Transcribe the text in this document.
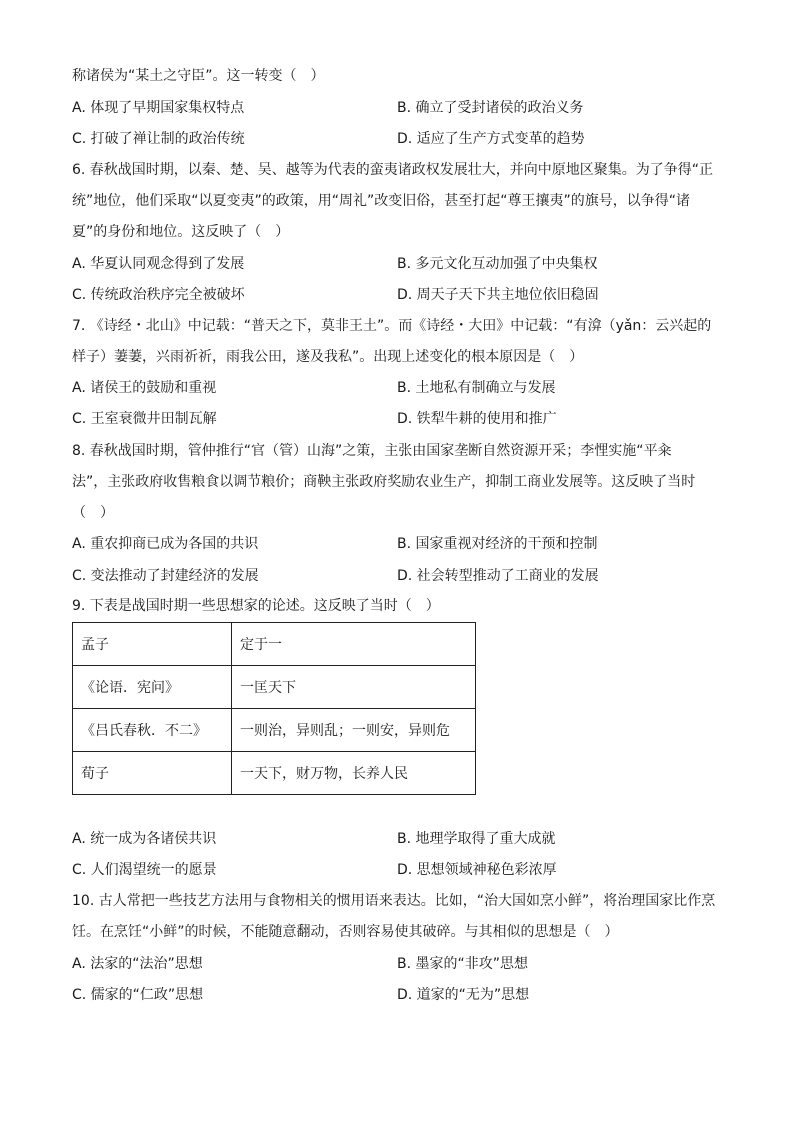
称诸侯为“某土之守臣”。这一转变（　）
A. 体现了早期国家集权特点	B. 确立了受封诸侯的政治义务
C. 打破了禅让制的政治传统	D. 适应了生产方式变革的趋势
6. 春秋战国时期，以秦、楚、吴、越等为代表的蛮夷诸政权发展壮大，并向中原地区聚集。为了争得“正
统”地位，他们采取“以夏变夷”的政策，用“周礼”改变旧俗，甚至打起“尊王攘夷”的旗号，以争得“诸
夏”的身份和地位。这反映了（　）
A. 华夏认同观念得到了发展	B. 多元文化互动加强了中央集权
C. 传统政治秩序完全被破坏	D. 周天子天下共主地位依旧稳固
7. 《诗经・北山》中记载：“普天之下，莫非王土”。而《诗经・大田》中记载：“有渰（yǎn：云兴起的
样子）萋萋，兴雨祈祈，雨我公田，遂及我私”。出现上述变化的根本原因是（　）
A. 诸侯王的鼓励和重视	B. 土地私有制确立与发展
C. 王室衰微井田制瓦解	D. 铁犁牛耕的使用和推广
8. 春秋战国时期，管仲推行“官（管）山海”之策，主张由国家垄断自然资源开采；李悝实施“平籴
法”，主张政府收售粮食以调节粮价；商鞅主张政府奖励农业生产，抑制工商业发展等。这反映了当时
（　）
A. 重农抑商已成为各国的共识	B. 国家重视对经济的干预和控制
C. 变法推动了封建经济的发展	D. 社会转型推动了工商业的发展
9. 下表是战国时期一些思想家的论述。这反映了当时（　）
孟子	定于一
《论语．宪问》	一匡天下
《吕氏春秋．不二》	一则治，异则乱；一则安，异则危
荀子	一天下，财万物，长养人民
A. 统一成为各诸侯共识	B. 地理学取得了重大成就
C. 人们渴望统一的愿景	D. 思想领域神秘色彩浓厚
10. 古人常把一些技艺方法用与食物相关的惯用语来表达。比如，“治大国如烹小鲜”，将治理国家比作烹
饪。在烹饪“小鲜”的时候，不能随意翻动，否则容易使其破碎。与其相似的思想是（　）
A. 法家的“法治”思想	B. 墨家的“非攻”思想
C. 儒家的“仁政”思想	D. 道家的“无为”思想
